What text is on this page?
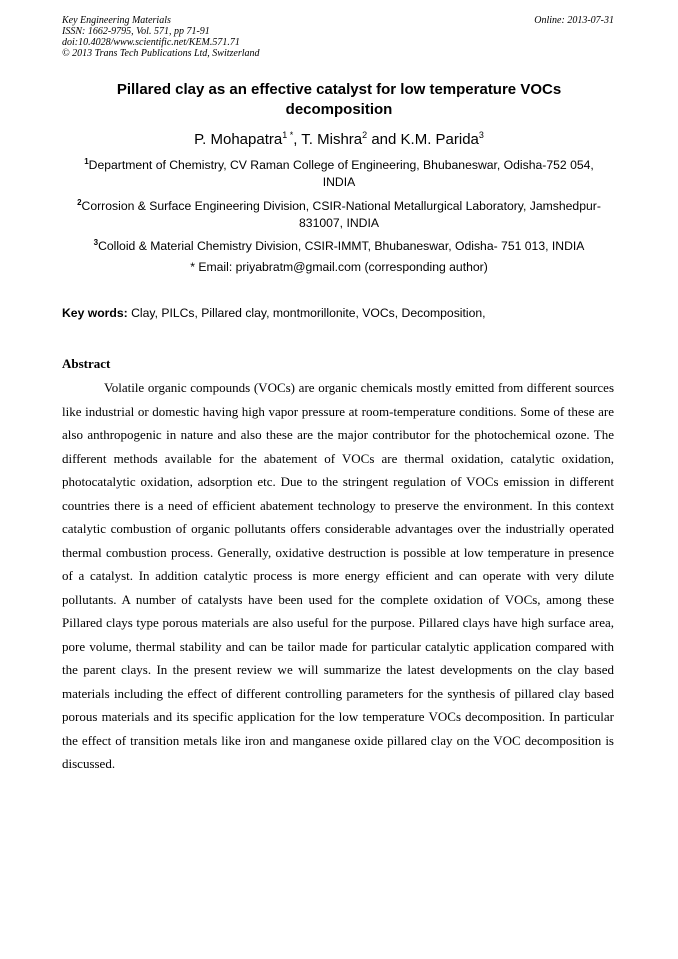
Key Engineering Materials
ISSN: 1662-9795, Vol. 571, pp 71-91
doi:10.4028/www.scientific.net/KEM.571.71
© 2013 Trans Tech Publications Ltd, Switzerland
Online: 2013-07-31
Pillared clay as an effective catalyst for low temperature VOCs
decomposition
P. Mohapatra$^{1 *}$, T. Mishra$^2$ and K.M. Parida$^3$
$^1$Department of Chemistry, CV Raman College of Engineering, Bhubaneswar, Odisha-752 054,
INDIA
$^2$Corrosion & Surface Engineering Division, CSIR-National Metallurgical Laboratory, Jamshedpur-
831007, INDIA
$^3$Colloid & Material Chemistry Division, CSIR-IMMT, Bhubaneswar, Odisha- 751 013, INDIA
* Email: priyabratm@gmail.com (corresponding author)
Key words: Clay, PILCs, Pillared clay, montmorillonite, VOCs, Decomposition,
Abstract

Volatile organic compounds (VOCs) are organic chemicals mostly emitted from different sources like industrial or domestic having high vapor pressure at room-temperature conditions. Some of these are also anthropogenic in nature and also these are the major contributor for the photochemical ozone. The different methods available for the abatement of VOCs are thermal oxidation, catalytic oxidation, photocatalytic oxidation, adsorption etc. Due to the stringent regulation of VOCs emission in different countries there is a need of efficient abatement technology to preserve the environment. In this context catalytic combustion of organic pollutants offers considerable advantages over the industrially operated thermal combustion process. Generally, oxidative destruction is possible at low temperature in presence of a catalyst. In addition catalytic process is more energy efficient and can operate with very dilute pollutants. A number of catalysts have been used for the complete oxidation of VOCs, among these Pillared clays type porous materials are also useful for the purpose. Pillared clays have high surface area, pore volume, thermal stability and can be tailor made for particular catalytic application compared with the parent clays. In the present review we will summarize the latest developments on the clay based materials including the effect of different controlling parameters for the synthesis of pillared clay based porous materials and its specific application for the low temperature VOCs decomposition. In particular the effect of transition metals like iron and manganese oxide pillared clay on the VOC decomposition is discussed.
